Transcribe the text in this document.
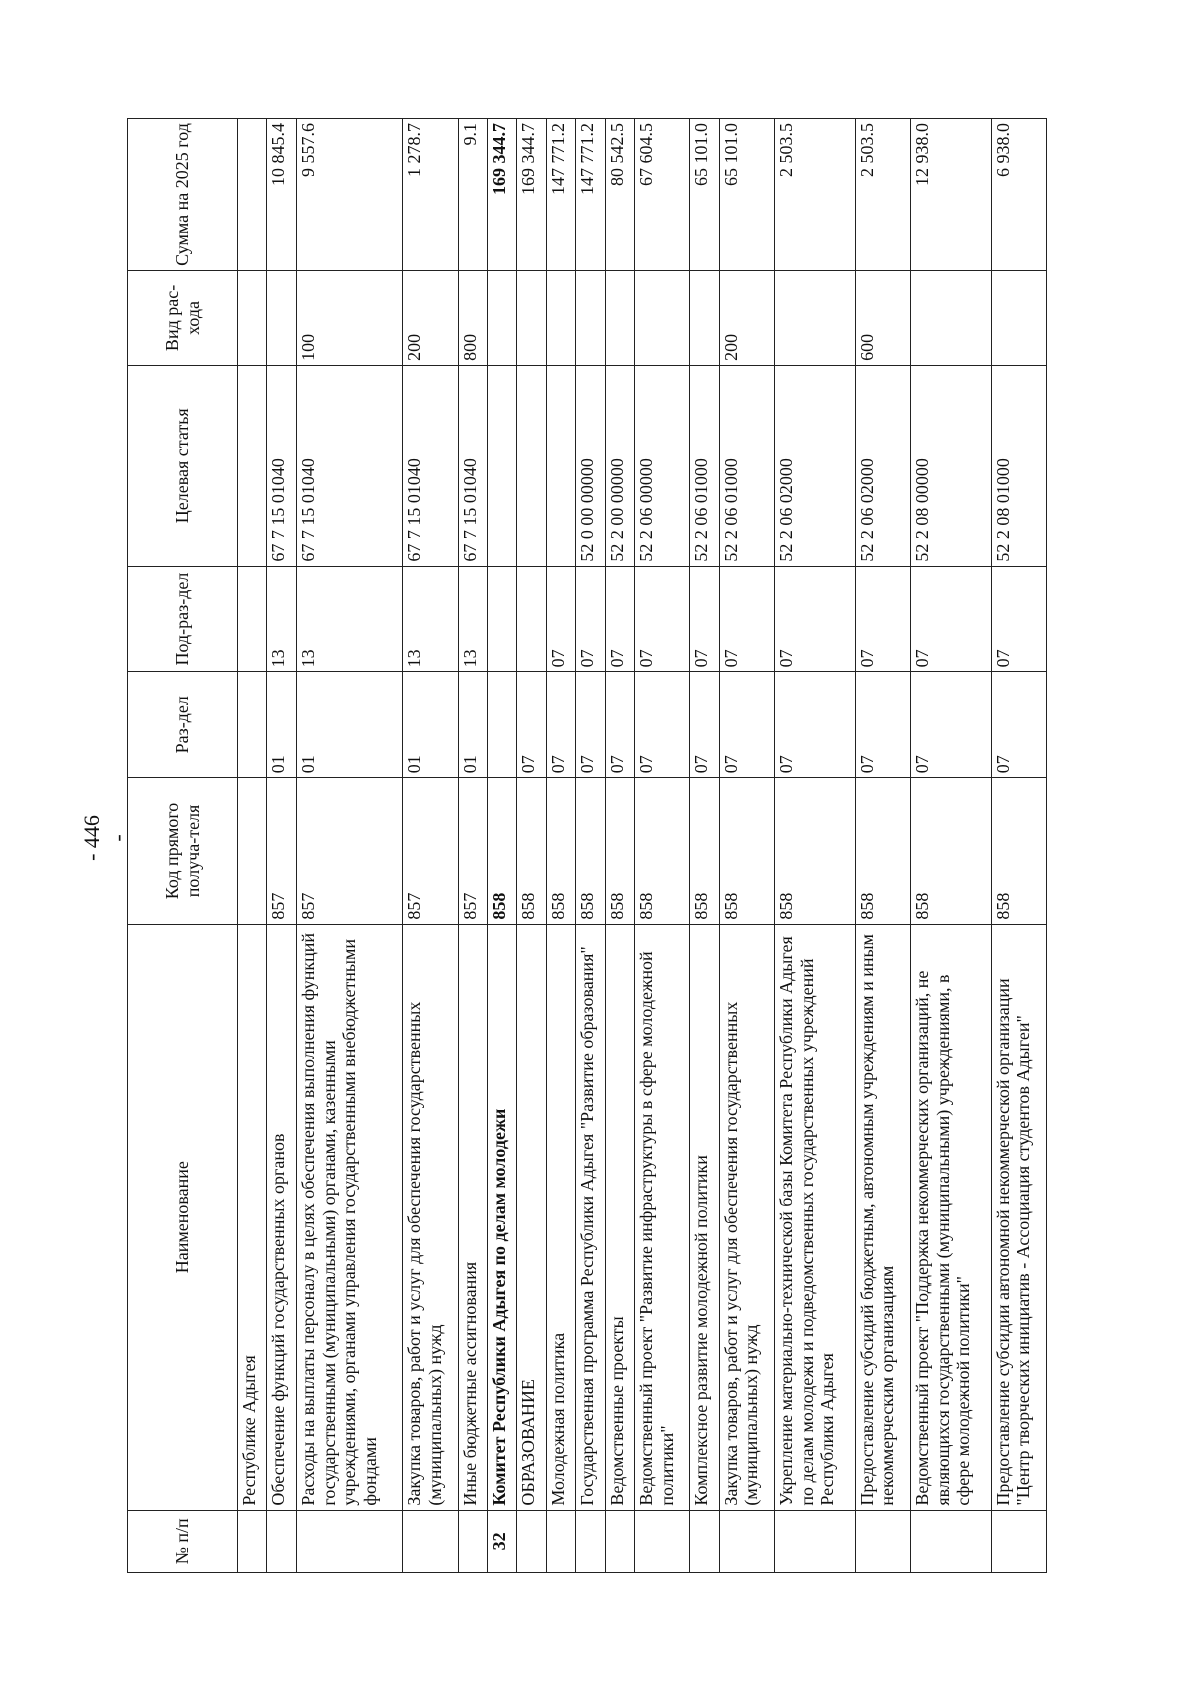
- 446 -
№ п/п	Наименование	Код прямого получа-теля	Раз-дел	Под-раз-дел	Целевая статья	Вид рас-хода	Сумма на 2025 год
	Республике Адыгея						
	Обеспечение функций государственных органов	857	01	13	67 7 15 01040		10 845.4
	Расходы на выплаты персоналу в целях обеспечения выполнения функций государственными (муниципальными) органами, казенными учреждениями, органами управления государственными внебюджетными фондами	857	01	13	67 7 15 01040	100	9 557.6
	Закупка товаров, работ и услуг для обеспечения государственных (муниципальных) нужд	857	01	13	67 7 15 01040	200	1 278.7
	Иные бюджетные ассигнования	857	01	13	67 7 15 01040	800	9.1
32	Комитет Республики Адыгея по делам молодежи	858					169 344.7
	ОБРАЗОВАНИЕ	858	07				169 344.7
	Молодежная политика	858	07	07			147 771.2
	Государственная программа Республики Адыгея "Развитие образования"	858	07	07	52 0 00 00000		147 771.2
	Ведомственные проекты	858	07	07	52 2 00 00000		80 542.5
	Ведомственный проект "Развитие инфраструктуры в сфере молодежной политики"	858	07	07	52 2 06 00000		67 604.5
	Комплексное развитие молодежной политики	858	07	07	52 2 06 01000		65 101.0
	Закупка товаров, работ и услуг для обеспечения государственных (муниципальных) нужд	858	07	07	52 2 06 01000	200	65 101.0
	Укрепление материально-технической базы Комитета Республики Адыгея по делам молодежи и подведомственных государственных учреждений Республики Адыгея	858	07	07	52 2 06 02000		2 503.5
	Предоставление субсидий бюджетным, автономным учреждениям и иным некоммерческим организациям	858	07	07	52 2 06 02000	600	2 503.5
	Ведомственный проект "Поддержка некоммерческих организаций, не являющихся государственными (муниципальными) учреждениями, в сфере молодежной политики"	858	07	07	52 2 08 00000		12 938.0
	Предоставление субсидии автономной некоммерческой организации "Центр творческих инициатив - Ассоциация студентов Адыгеи"	858	07	07	52 2 08 01000		6 938.0
